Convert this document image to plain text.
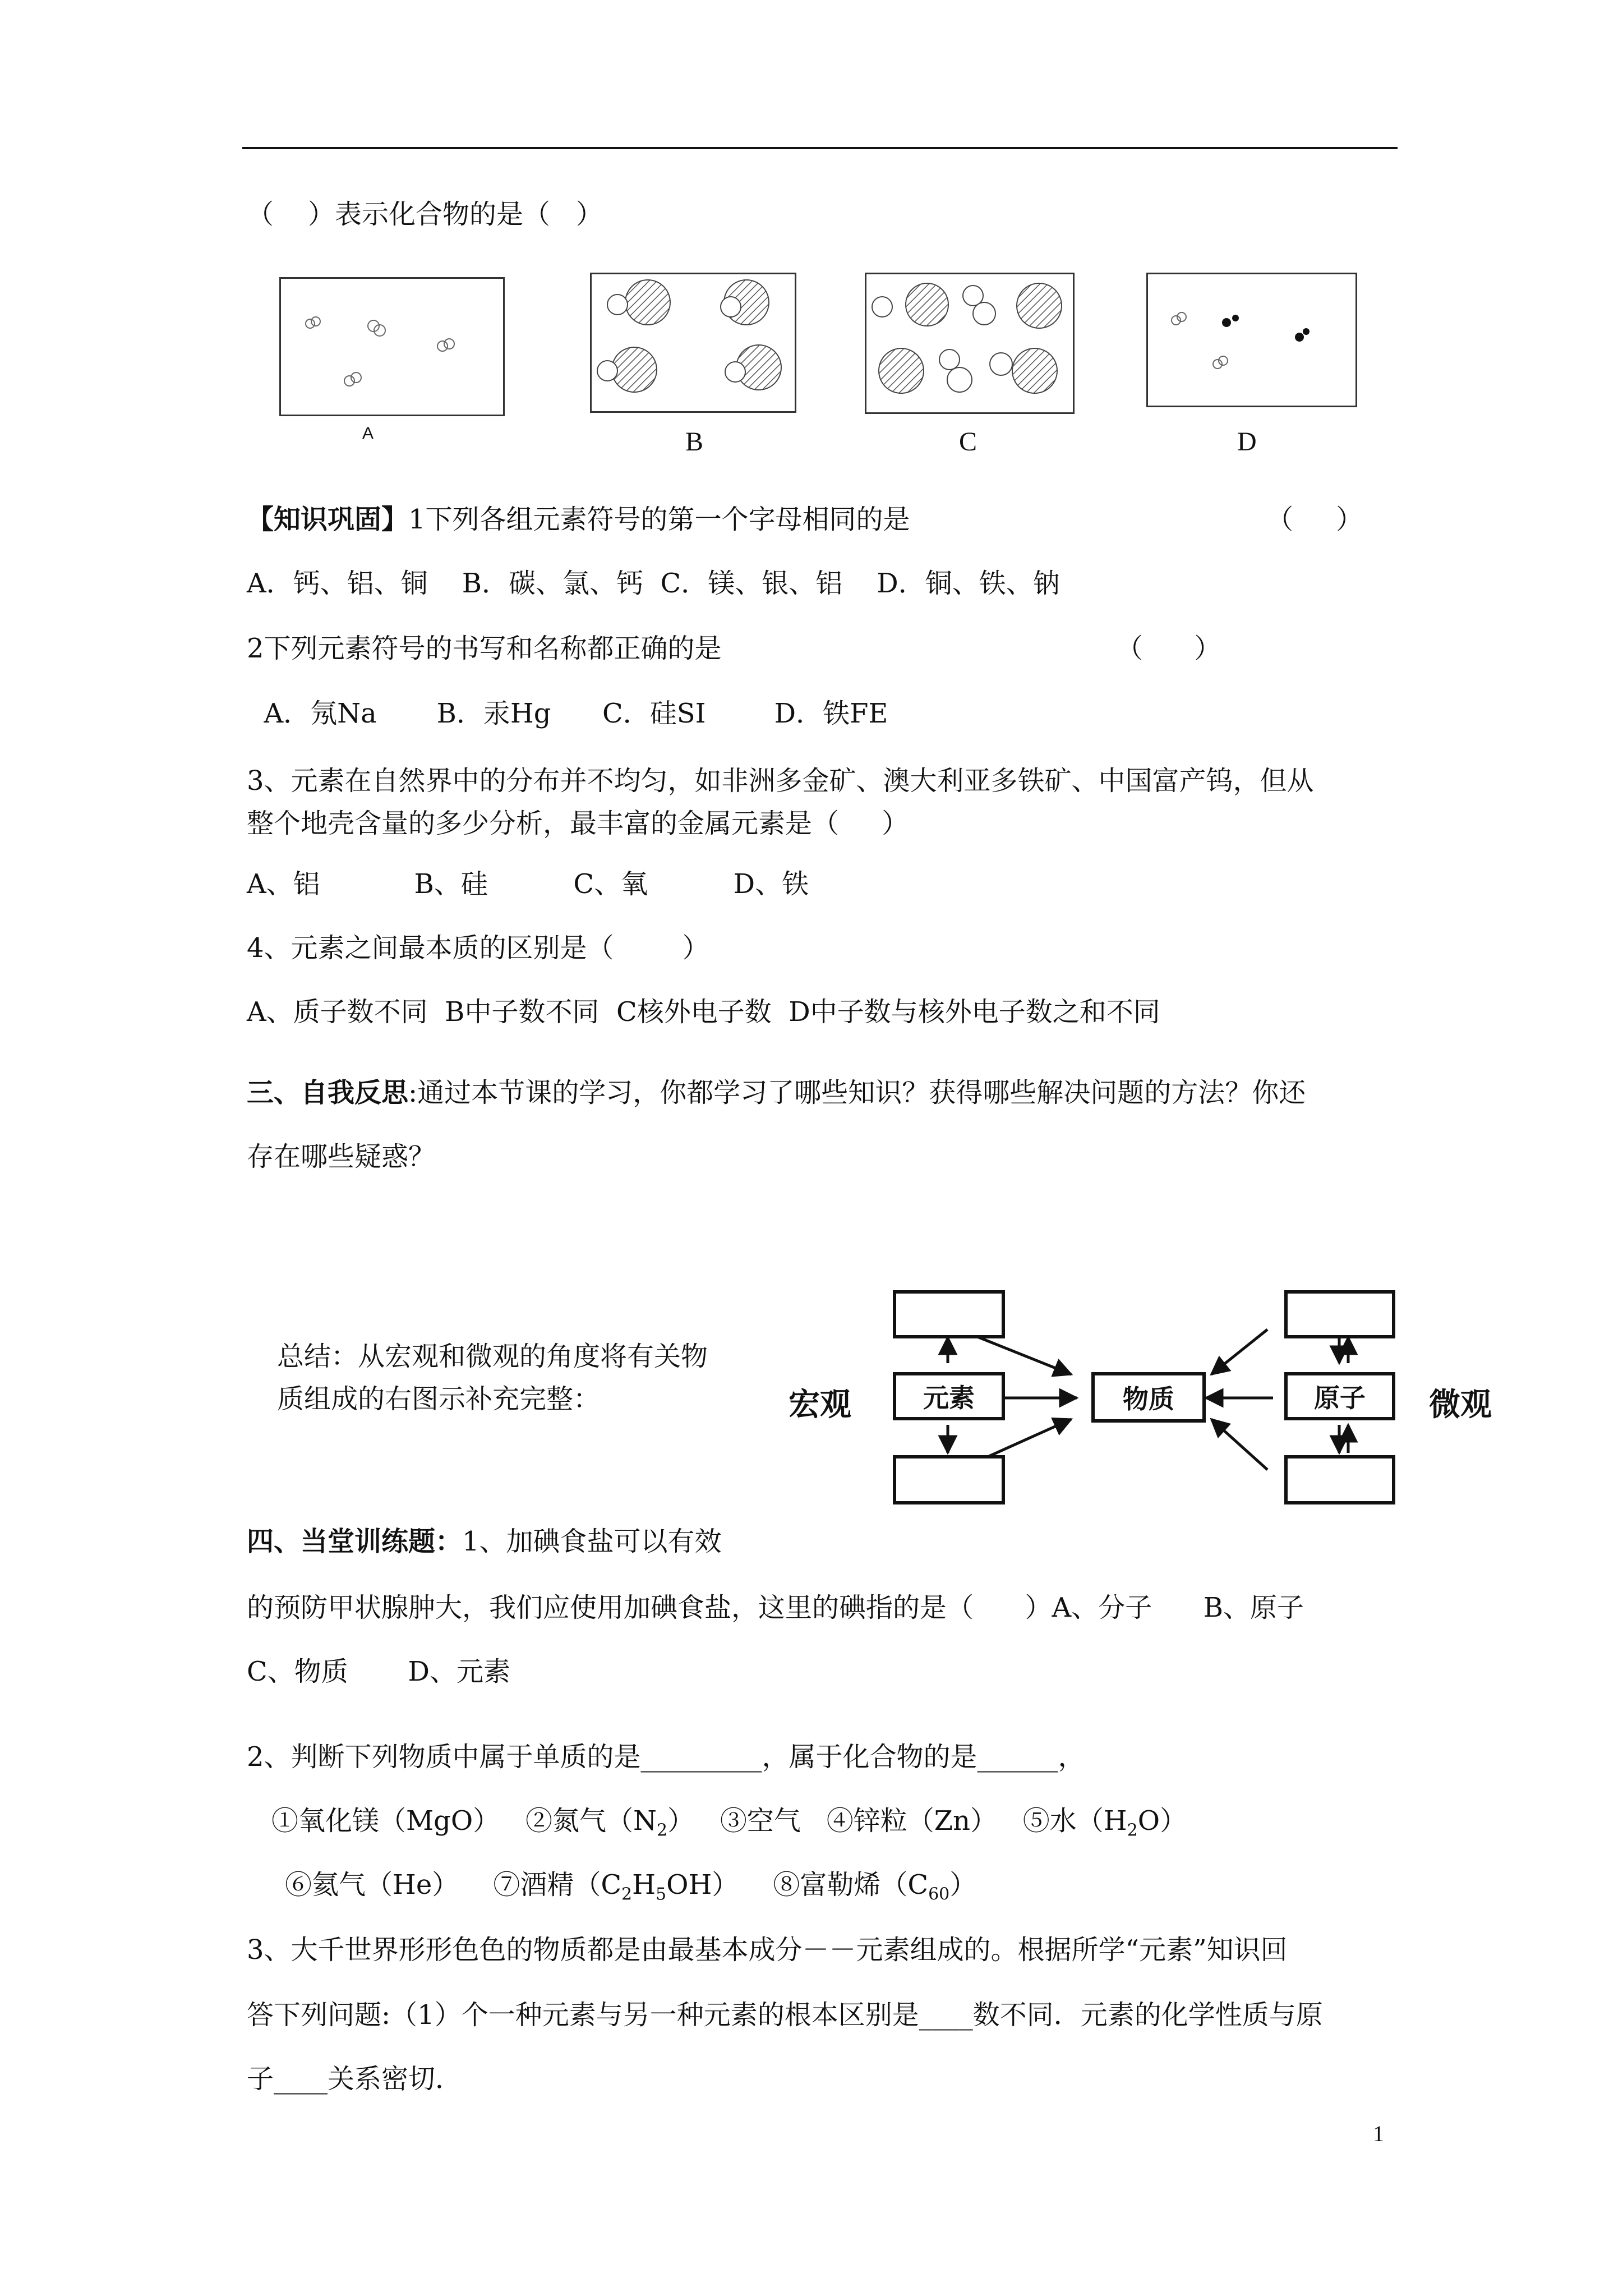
（    ）表示化合物的是（   ）
A	B	C	D
【知识巩固】1下列各组元素符号的第一个字母相同的是	（     ）
A．钙、铝、铜    B．碳、氯、钙  C．镁、银、铝    D．铜、铁、钠
2下列元素符号的书写和名称都正确的是	（      ）
A．氖Na       B．汞Hg      C．硅SI        D．铁FE
3、元素在自然界中的分布并不均匀，如非洲多金矿、澳大利亚多铁矿、中国富产钨，但从
整个地壳含量的多少分析，最丰富的金属元素是（     ）
A、铝           B、硅          C、氧          D、铁
4、元素之间最本质的区别是（        ）
A、质子数不同  B中子数不同  C核外电子数  D中子数与核外电子数之和不同
三、自我反思:通过本节课的学习，你都学习了哪些知识？获得哪些解决问题的方法？你还
存在哪些疑惑？
总结：从宏观和微观的角度将有关物
质组成的右图示补充完整：	宏观	微观
元素	物质	原子
四、当堂训练题：1、加碘食盐可以有效
的预防甲状腺肿大，我们应使用加碘食盐，这里的碘指的是（      ）A、分子      B、原子
C、物质       D、元素
2、判断下列物质中属于单质的是_________，属于化合物的是______，
①氧化镁（MgO） ②氮气$(N_2)$ ③空气 ④锌粒（Zn） ⑤水$(H_2O)$
⑥氦气（He） ⑦酒精$(C_2H_5OH)$ ⑧富勒烯$(C_{60})$
3、大千世界形形色色的物质都是由最基本成分－－元素组成的。根据所学“元素”知识回
答下列问题:（1）个一种元素与另一种元素的根本区别是____数不同．元素的化学性质与原
子____关系密切．
1
